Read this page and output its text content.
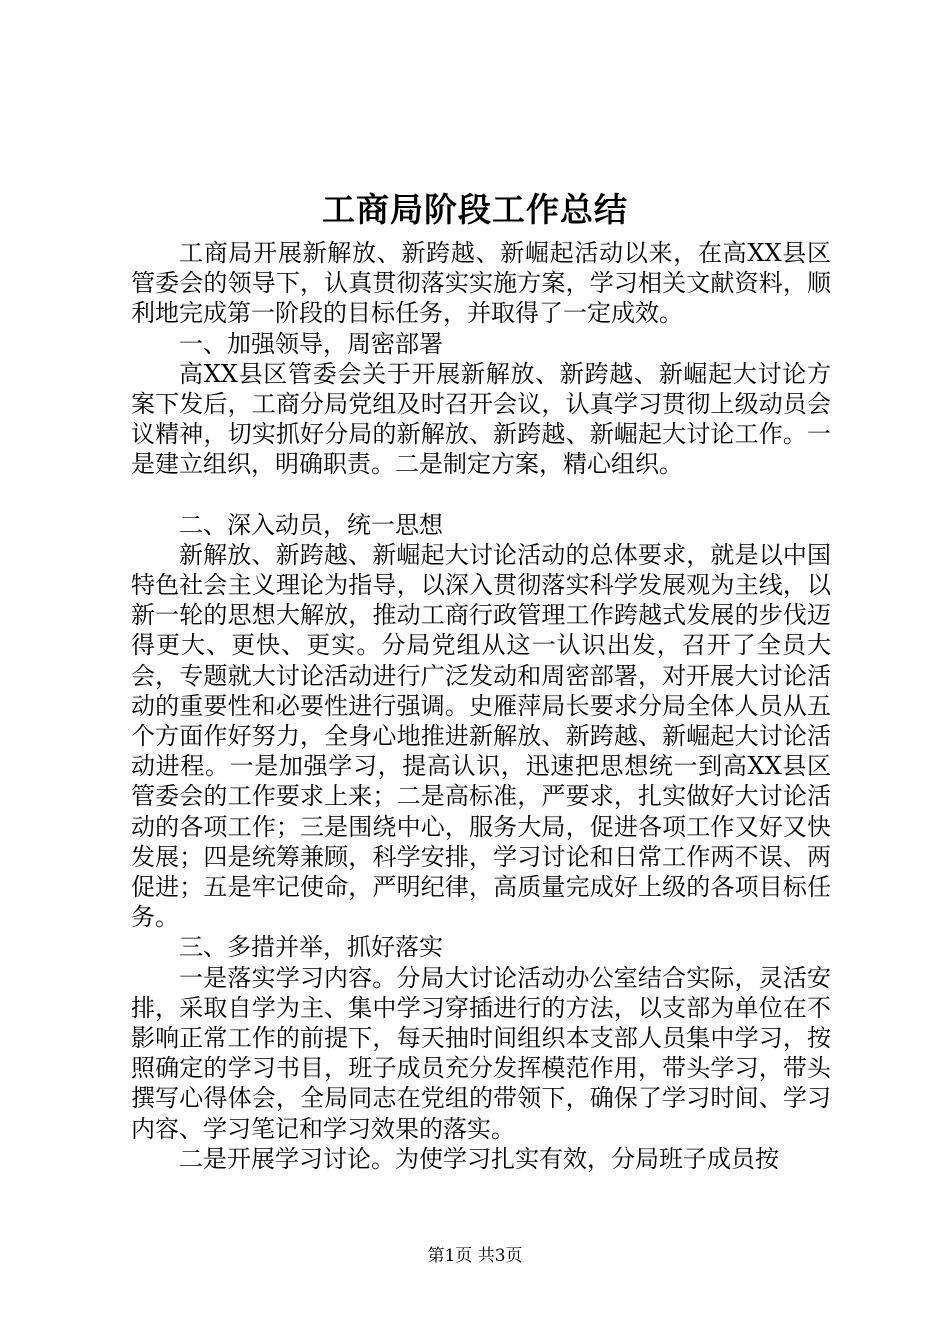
工商局阶段工作总结

工商局开展新解放、新跨越、新崛起活动以来，在高XX县区管委会的领导下，认真贯彻落实实施方案，学习相关文献资料，顺利地完成第一阶段的目标任务，并取得了一定成效。

一、加强领导，周密部署

高XX县区管委会关于开展新解放、新跨越、新崛起大讨论方案下发后，工商分局党组及时召开会议，认真学习贯彻上级动员会议精神，切实抓好分局的新解放、新跨越、新崛起大讨论工作。一是建立组织，明确职责。二是制定方案，精心组织。

二、深入动员，统一思想

新解放、新跨越、新崛起大讨论活动的总体要求，就是以中国特色社会主义理论为指导，以深入贯彻落实科学发展观为主线，以新一轮的思想大解放，推动工商行政管理工作跨越式发展的步伐迈得更大、更快、更实。分局党组从这一认识出发，召开了全员大会，专题就大讨论活动进行广泛发动和周密部署，对开展大讨论活动的重要性和必要性进行强调。史雁萍局长要求分局全体人员从五个方面作好努力，全身心地推进新解放、新跨越、新崛起大讨论活动进程。一是加强学习，提高认识，迅速把思想统一到高XX县区管委会的工作要求上来；二是高标准，严要求，扎实做好大讨论活动的各项工作；三是围绕中心，服务大局，促进各项工作又好又快发展；四是统筹兼顾，科学安排，学习讨论和日常工作两不误、两促进；五是牢记使命，严明纪律，高质量完成好上级的各项目标任务。

三、多措并举，抓好落实

一是落实学习内容。分局大讨论活动办公室结合实际，灵活安排，采取自学为主、集中学习穿插进行的方法，以支部为单位在不影响正常工作的前提下，每天抽时间组织本支部人员集中学习，按照确定的学习书目，班子成员充分发挥模范作用，带头学习，带头撰写心得体会，全局同志在党组的带领下，确保了学习时间、学习内容、学习笔记和学习效果的落实。

二是开展学习讨论。为使学习扎实有效，分局班子成员按

第1页 共3页
